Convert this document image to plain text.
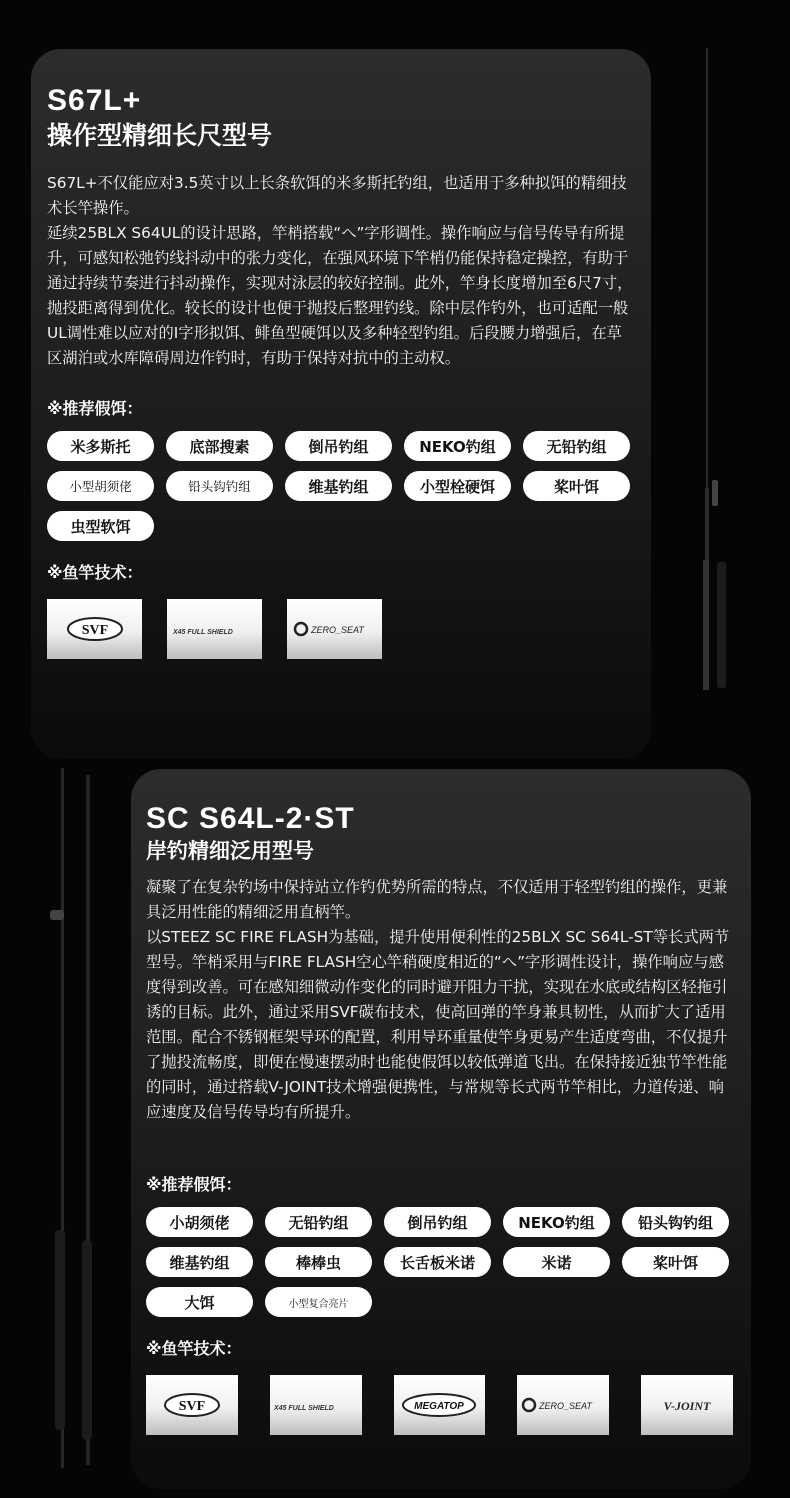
S67L+
操作型精细长尺型号

S67L+不仅能应对3.5英寸以上长条软饵的米多斯托钓组，也适用于多种拟饵的精细技术长竿操作。

延续25BLX S64UL的设计思路，竿梢搭载“へ”字形调性。操作响应与信号传导有所提升，可感知松弛钓线抖动中的张力变化，在强风环境下竿梢仍能保持稳定操控，有助于通过持续节奏进行抖动操作，实现对泳层的较好控制。此外，竿身长度增加至6尺7寸，抛投距离得到优化。较长的设计也便于抛投后整理钓线。除中层作钓外，也可适配一般UL调性难以应对的I字形拟饵、鲱鱼型硬饵以及多种轻型钓组。后段腰力增强后，在草区湖泊或水库障碍周边作钓时，有助于保持对抗中的主动权。

※推荐假饵：
米多斯托	底部搜素	倒吊钓组	NEKO钓组	无铅钓组
小型胡须佬	铅头钩钓组	维基钓组	小型栓硬饵	桨叶饵
虫型软饵
※鱼竿技术：
SVF	X45 FULL SHIELD	ZERO_SEAT
SC S64L-2·ST
岸钓精细泛用型号

凝聚了在复杂钓场中保持站立作钓优势所需的特点，不仅适用于轻型钓组的操作，更兼具泛用性能的精细泛用直柄竿。

以STEEZ SC FIRE FLASH为基础，提升使用便利性的25BLX SC S64L-ST等长式两节型号。竿梢采用与FIRE FLASH空心竿稍硬度相近的“へ”字形调性设计，操作响应与感度得到改善。可在感知细微动作变化的同时避开阻力干扰，实现在水底或结构区轻拖引诱的目标。此外，通过采用SVF碳布技术，使高回弹的竿身兼具韧性，从而扩大了适用范围。配合不锈钢框架导环的配置，利用导环重量使竿身更易产生适度弯曲，不仅提升了抛投流畅度，即便在慢速摆动时也能使假饵以较低弹道飞出。在保持接近独节竿性能的同时，通过搭载V-JOINT技术增强便携性，与常规等长式两节竿相比，力道传递、响应速度及信号传导均有所提升。

※推荐假饵：
小胡须佬	无铅钓组	倒吊钓组	NEKO钓组	铅头钩钓组
维基钓组	棒棒虫	长舌板米诺	米诺	桨叶饵
大饵	小型复合亮片
※鱼竿技术：
SVF	X45 FULL SHIELD	MEGATOP	ZERO_SEAT	V-JOINT
